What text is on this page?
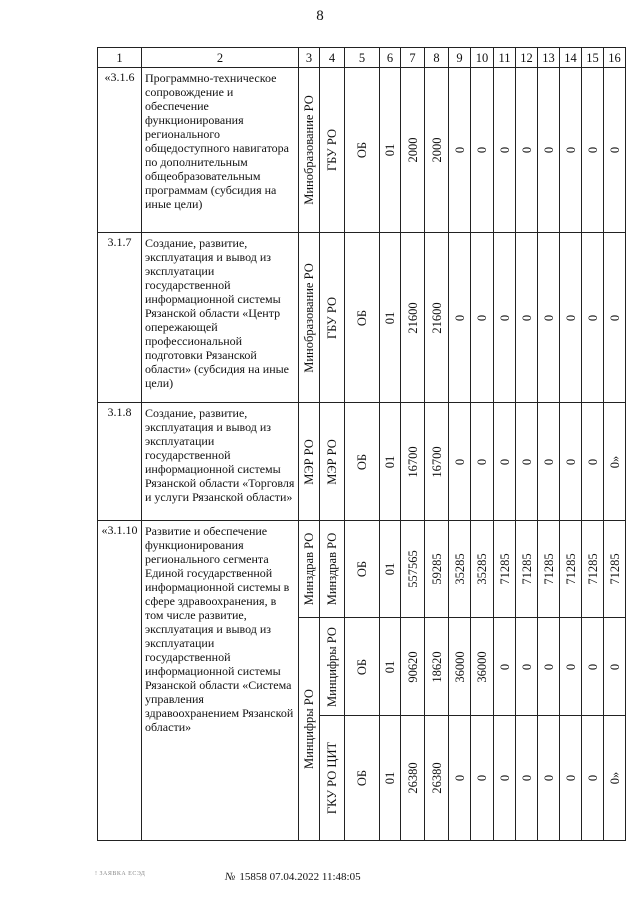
8
1	2	3	4	5	6	7	8	9	10	11	12	13	14	15	16
«3.1.6	Программно-техническое сопровождение и обеспечение функционирования регионального общедоступного навигатора по дополнительным общеобразовательным программам (субсидия на иные цели)	Минобразование РО	ГБУ РО	ОБ	01	2000	2000	0	0	0	0	0	0	0	0

3.1.7	Создание, развитие, эксплуатация и вывод из эксплуатации государственной информационной системы Рязанской области «Центр опережающей профессиональной подготовки Рязанской области» (субсидия на иные цели)	Минобразование РО	ГБУ РО	ОБ	01	21600	21600	0	0	0	0	0	0	0	0

3.1.8	Создание, развитие, эксплуатация и вывод из эксплуатации государственной информационной системы Рязанской области «Торговля и услуги Рязанской области»	МЭР РО	МЭР РО	ОБ	01	16700	16700	0	0	0	0	0	0	0	0»

«3.1.10	Развитие и обеспечение функционирования регионального сегмента Единой государственной информационной системы в сфере здравоохранения, в том числе развитие, эксплуатация и вывод из эксплуатации государственной информационной системы Рязанской области «Система управления здравоохранением Рязанской области»	Минздрав РО	Минздрав РО	ОБ	01	557565	59285	35285	35285	71285	71285	71285	71285	71285	71285

		Минцифры РО	Минцифры РО	ОБ	01	90620	18620	36000	36000	0	0	0	0	0	0

			ГКУ РО ЦИТ	ОБ	01	26380	26380	0	0	0	0	0	0	0	0»
! ЗАЯВКА ЕСЭД	№ 15858 07.04.2022 11:48:05
